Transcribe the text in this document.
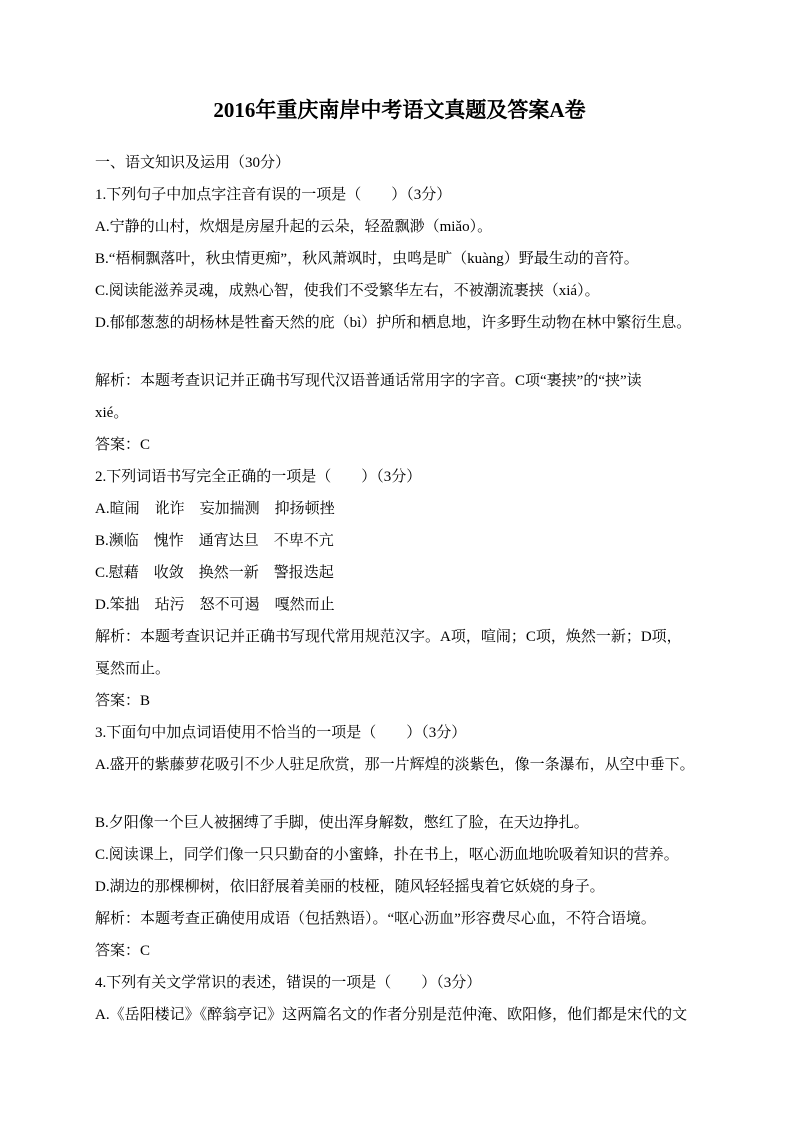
2016年重庆南岸中考语文真题及答案A卷

一、语文知识及运用（30分）

1.下列句子中加点字注音有误的一项是（　　）（3分）

A.宁静的山村，炊烟是房屋升起的云朵，轻盈飘渺（miǎo）。

B.“梧桐飘落叶，秋虫情更痴”，秋风萧飒时，虫鸣是旷（kuàng）野最生动的音符。

C.阅读能滋养灵魂，成熟心智，使我们不受繁华左右，不被潮流裹挟（xiá）。

D.郁郁葱葱的胡杨林是牲畜天然的庇（bì）护所和栖息地，许多野生动物在林中繁衍生息。

解析：本题考查识记并正确书写现代汉语普通话常用字的字音。C项“裹挟”的“挟”读

xié。

答案：C

2.下列词语书写完全正确的一项是（　　）（3分）

A.暄闹　讹诈　妄加揣测　抑扬顿挫

B.濒临　愧怍　通宵达旦　不卑不亢

C.慰藉　收敛　换然一新　警报迭起

D.笨拙　玷污　怒不可遏　嘎然而止

解析：本题考查识记并正确书写现代常用规范汉字。A项，喧闹；C项，焕然一新；D项，

戛然而止。

答案：B

3.下面句中加点词语使用不恰当的一项是（　　）（3分）

A.盛开的紫藤萝花吸引不少人驻足欣赏，那一片辉煌的淡紫色，像一条瀑布，从空中垂下。

B.夕阳像一个巨人被捆缚了手脚，使出浑身解数，憋红了脸，在天边挣扎。

C.阅读课上，同学们像一只只勤奋的小蜜蜂，扑在书上，呕心沥血地吮吸着知识的营养。

D.湖边的那棵柳树，依旧舒展着美丽的枝桠，随风轻轻摇曳着它妖娆的身子。

解析：本题考查正确使用成语（包括熟语）。“呕心沥血”形容费尽心血，不符合语境。

答案：C

4.下列有关文学常识的表述，错误的一项是（　　）（3分）

A.《岳阳楼记》《醉翁亭记》这两篇名文的作者分别是范仲淹、欧阳修，他们都是宋代的文
